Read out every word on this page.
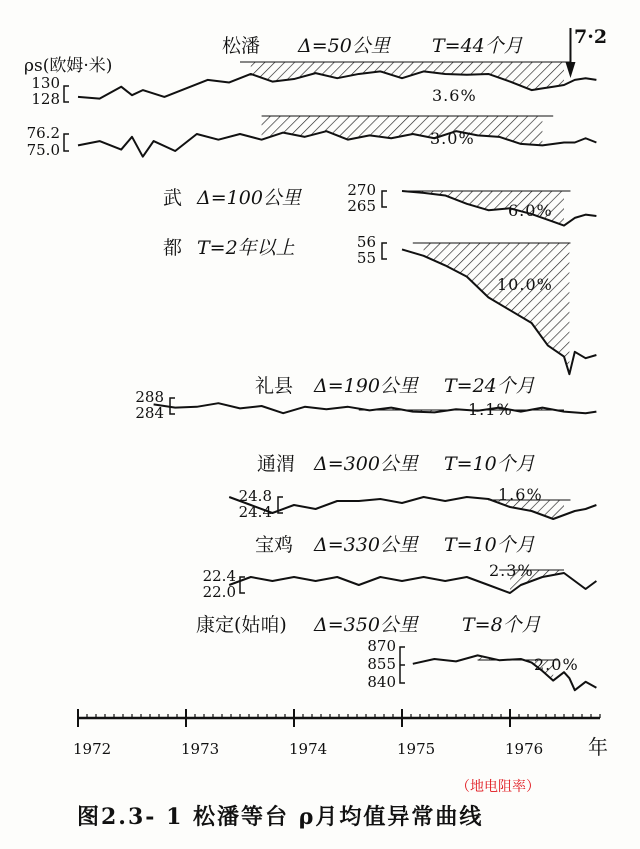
ρs(欧姆·米)
松潘 Δ=50公里 T=44个月
武 Δ=100公里
都 T=2年以上
礼县 Δ=190公里 T=24个月
通渭 Δ=300公里 T=10个月
宝鸡 Δ=330公里 T=10个月
康定(姑咱) Δ=350公里 T=8个月
130
128
76.2
75.0
270
265
56
55
288
284
24.8
24.4
22.4
22.0
870
855
840
3.6%
3.0%
6.0%
10.0%
1.1%
1.6%
2.3%
2.0%
7·2
1972	1973	1974	1975	1976 年
（地电阻率）
图2.3- 1 松潘等台 ρ月均值异常曲线
